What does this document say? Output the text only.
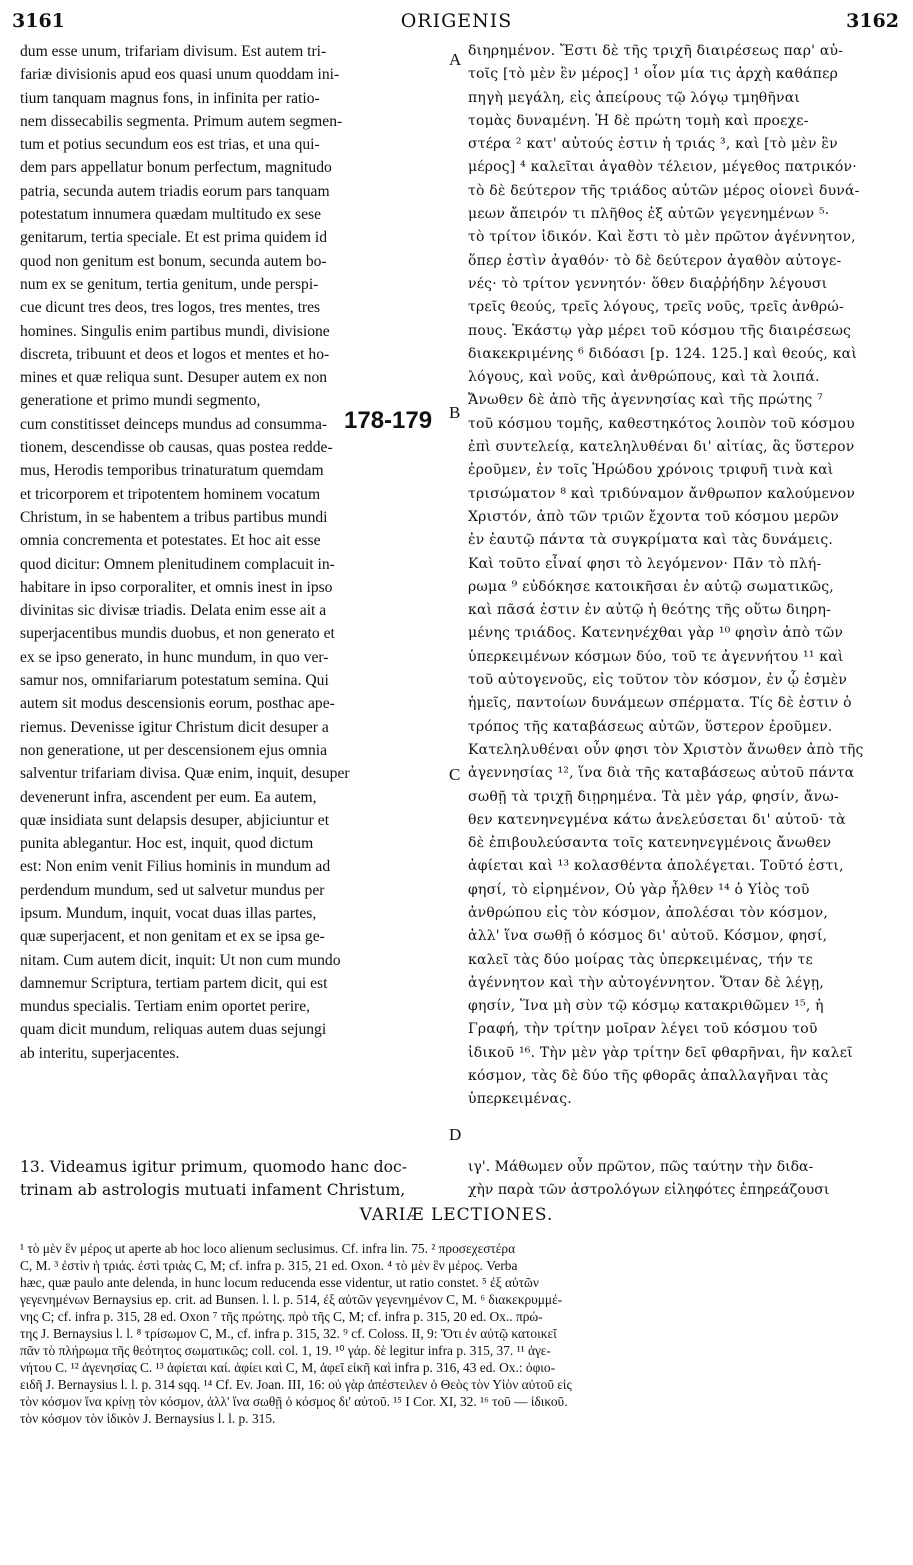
3161	ORIGENIS	3162
dum esse unum, trifariam divisum. Est autem tri-
fariæ divisionis apud eos quasi unum quoddam ini-
tium tanquam magnus fons, in infinita per ratio-
nem dissecabilis segmenta. Primum autem segmen-
tum et potius secundum eos est trias, et una qui-
dem pars appellatur bonum perfectum, magnitudo
patria, secunda autem triadis eorum pars tanquam
potestatum innumera quædam multitudo ex sese
genitarum, tertia speciale. Et est prima quidem id
quod non genitum est bonum, secunda autem bo-
num ex se genitum, tertia genitum, unde perspi-
cue dicunt tres deos, tres logos, tres mentes, tres
homines. Singulis enim partibus mundi, divisione
discreta, tribuunt et deos et logos et mentes et ho-
mines et quæ reliqua sunt. Desuper autem ex non
generatione et primo mundi segmento,
cum constitisset deinceps mundus ad consumma-
tionem, descendisse ob causas, quas postea redde-
mus, Herodis temporibus trinaturatum quemdam
et tricorporem et tripotentem hominem vocatum
Christum, in se habentem a tribus partibus mundi
omnia concrementa et potestates. Et hoc ait esse
quod dicitur: Omnem plenitudinem complacuit in-
habitare in ipso corporaliter, et omnis inest in ipso
divinitas sic divisæ triadis. Delata enim esse ait a
superjacentibus mundis duobus, et non generato et
ex se ipso generato, in hunc mundum, in quo ver-
samur nos, omnifariarum potestatum semina. Qui
autem sit modus descensionis eorum, posthac ape-
riemus. Devenisse igitur Christum dicit desuper a
non generatione, ut per descensionem ejus omnia
salventur trifariam divisa. Quæ enim, inquit, desuper
devenerunt infra, ascendent per eum. Ea autem,
quæ insidiata sunt delapsis desuper, abjiciuntur et
punita ablegantur. Hoc est, inquit, quod dictum
est: Non enim venit Filius hominis in mundum ad
perdendum mundum, sed ut salvetur mundus per
ipsum. Mundum, inquit, vocat duas illas partes,
quæ superjacent, et non genitam et ex se ipsa ge-
nitam. Cum autem dicit, inquit: Ut non cum mundo
damnemur Scriptura, tertiam partem dicit, qui est
mundus specialis. Tertiam enim oportet perire,
quam dicit mundum, reliquas autem duas sejungi
ab interitu, superjacentes.
διηρημένον. Ἔστι δὲ τῆς τριχῆ διαιρέσεως παρ' αὐ-
τοῖς [τὸ μὲν ἓν μέρος] ¹ οἷον μία τις ἀρχὴ καθάπερ
πηγὴ μεγάλη, εἰς ἀπείρους τῷ λόγῳ τμηθῆναι
τομὰς δυναμένη. Ἡ δὲ πρώτη τομὴ καὶ προεχε-
στέρα ² κατ' αὐτούς ἐστιν ἡ τριάς ³, καὶ [τὸ μὲν ἓν
μέρος] ⁴ καλεῖται ἀγαθὸν τέλειον, μέγεθος πατρικόν·
τὸ δὲ δεύτερον τῆς τριάδος αὐτῶν μέρος οἱονεὶ δυνά-
μεων ἄπειρόν τι πλῆθος ἐξ αὐτῶν γεγενημένων ⁵·
τὸ τρίτον ἰδικόν. Καὶ ἔστι τὸ μὲν πρῶτον ἀγέννητον,
ὅπερ ἐστὶν ἀγαθόν· τὸ δὲ δεύτερον ἀγαθὸν αὐτογε-
νές· τὸ τρίτον γεννητόν· ὅθεν διαῤῥήδην λέγουσι
τρεῖς θεούς, τρεῖς λόγους, τρεῖς νοῦς, τρεῖς ἀνθρώ-
πους. Ἑκάστῳ γὰρ μέρει τοῦ κόσμου τῆς διαιρέσεως
διακεκριμένης ⁶ διδόασι [p. 124. 125.] καὶ θεούς, καὶ
λόγους, καὶ νοῦς, καὶ ἀνθρώπους, καὶ τὰ λοιπά.
Ἄνωθεν δὲ ἀπὸ τῆς ἀγεννησίας καὶ τῆς πρώτης ⁷
τοῦ κόσμου τομῆς, καθεστηκότος λοιπὸν τοῦ κόσμου
ἐπὶ συντελείᾳ, κατεληλυθέναι δι' αἰτίας, ἃς ὕστερον
ἐροῦμεν, ἐν τοῖς Ἡρώδου χρόνοις τριφυῆ τινὰ καὶ
τρισώματον ⁸ καὶ τριδύναμον ἄνθρωπον καλούμενον
Χριστόν, ἀπὸ τῶν τριῶν ἔχοντα τοῦ κόσμου μερῶν
ἐν ἑαυτῷ πάντα τὰ συγκρίματα καὶ τὰς δυνάμεις.
Καὶ τοῦτο εἶναί φησι τὸ λεγόμενον· Πᾶν τὸ πλή-
ρωμα ⁹ εὐδόκησε κατοικῆσαι ἐν αὐτῷ σωματικῶς,
καὶ πᾶσά ἐστιν ἐν αὐτῷ ἡ θεότης τῆς οὕτω διηρη-
μένης τριάδος. Κατενηνέχθαι γὰρ ¹⁰ φησὶν ἀπὸ τῶν
ὑπερκειμένων κόσμων δύο, τοῦ τε ἀγεννήτου ¹¹ καὶ
τοῦ αὐτογενοῦς, εἰς τοῦτον τὸν κόσμον, ἐν ᾧ ἐσμὲν
ἡμεῖς, παντοίων δυνάμεων σπέρματα. Τίς δὲ ἐστιν ὁ
τρόπος τῆς καταβάσεως αὐτῶν, ὕστερον ἐροῦμεν.
Κατεληλυθέναι οὖν φησι τὸν Χριστὸν ἄνωθεν ἀπὸ τῆς
ἀγεννησίας ¹², ἵνα διὰ τῆς καταβάσεως αὐτοῦ πάντα
σωθῇ τὰ τριχῇ διῃρημένα. Τὰ μὲν γάρ, φησίν, ἄνω-
θεν κατενηνεγμένα κάτω ἀνελεύσεται δι' αὐτοῦ· τὰ
δὲ ἐπιβουλεύσαντα τοῖς κατενηνεγμένοις ἄνωθεν
ἀφίεται καὶ ¹³ κολασθέντα ἀπολέγεται. Τοῦτό ἐστι,
φησί, τὸ εἰρημένον, Οὐ γὰρ ἦλθεν ¹⁴ ὁ Υἱὸς τοῦ
ἀνθρώπου εἰς τὸν κόσμον, ἀπολέσαι τὸν κόσμον,
ἀλλ' ἵνα σωθῇ ὁ κόσμος δι' αὐτοῦ. Κόσμον, φησί,
καλεῖ τὰς δύο μοίρας τὰς ὑπερκειμένας, τήν τε
ἀγέννητον καὶ τὴν αὐτογέννητον. Ὅταν δὲ λέγῃ,
φησίν, Ἵνα μὴ σὺν τῷ κόσμῳ κατακριθῶμεν ¹⁵, ἡ
Γραφή, τὴν τρίτην μοῖραν λέγει τοῦ κόσμου τοῦ
ἰδικοῦ ¹⁶. Τὴν μὲν γὰρ τρίτην δεῖ φθαρῆναι, ἣν καλεῖ
κόσμον, τὰς δὲ δύο τῆς φθορᾶς ἀπαλλαγῆναι τὰς
ὑπερκειμένας.
178-179
A
B
C
D
13. Videamus igitur primum, quomodo hanc doc-
trinam ab astrologis mutuati infament Christum,
ιγ'. Μάθωμεν οὖν πρῶτον, πῶς ταύτην τὴν διδα-
χὴν παρὰ τῶν ἀστρολόγων εἰληφότες ἐπηρεάζουσι
VARIÆ LECTIONES.
¹ τὸ μὲν ἓν μέρος ut aperte ab hoc loco alienum seclusimus. Cf. infra lin. 75. ² προσεχεστέρα
C, M. ³ ἐστὶν ἡ τριάς. ἐστὶ τριὰς C, M; cf. infra p. 315, 21 ed. Oxon. ⁴ τὸ μὲν ἓν μέρος. Verba
hæc, quæ paulo ante delenda, in hunc locum reducenda esse videntur, ut ratio constet. ⁵ ἐξ αὐτῶν
γεγενημένων Bernaysius ep. crit. ad Bunsen. l. l. p. 514, ἐξ αὐτῶν γεγενημένον C, M. ⁶ διακεκρυμμέ-
νης C; cf. infra p. 315, 28 ed. Oxon ⁷ τῆς πρώτης. πρὸ τῆς C, M; cf. infra p. 315, 20 ed. Ox.. πρώ-
της J. Bernaysius l. l. ⁸ τρίσωμον C, M., cf. infra p. 315, 32. ⁹ cf. Coloss. II, 9: Ὅτι ἐν αὐτῷ κατοικεῖ
πᾶν τὸ πλήρωμα τῆς θεότητος σωματικῶς; coll. col. 1, 19. ¹⁰ γάρ. δὲ legitur infra p. 315, 37. ¹¹ ἀγε-
νήτου C. ¹² ἀγενησίας C. ¹³ ἀφίεται καί. ἀφίει καὶ C, M, ἀφεῖ εἰκῆ καὶ infra p. 316, 43 ed. Ox.: ὀφιο-
ειδῆ J. Bernaysius l. l. p. 314 sqq. ¹⁴ Cf. Ev. Joan. III, 16: οὐ γὰρ ἀπέστειλεν ὁ Θεὸς τὸν Υἱὸν αὐτοῦ εἰς
τὸν κόσμον ἵνα κρίνῃ τὸν κόσμον, ἀλλ' ἵνα σωθῇ ὁ κόσμος δι' αὐτοῦ. ¹⁵ I Cor. XI, 32. ¹⁶ τοῦ — ἰδικοῦ.
τὸν κόσμον τὸν ἰδικὸν J. Bernaysius l. l. p. 315.
